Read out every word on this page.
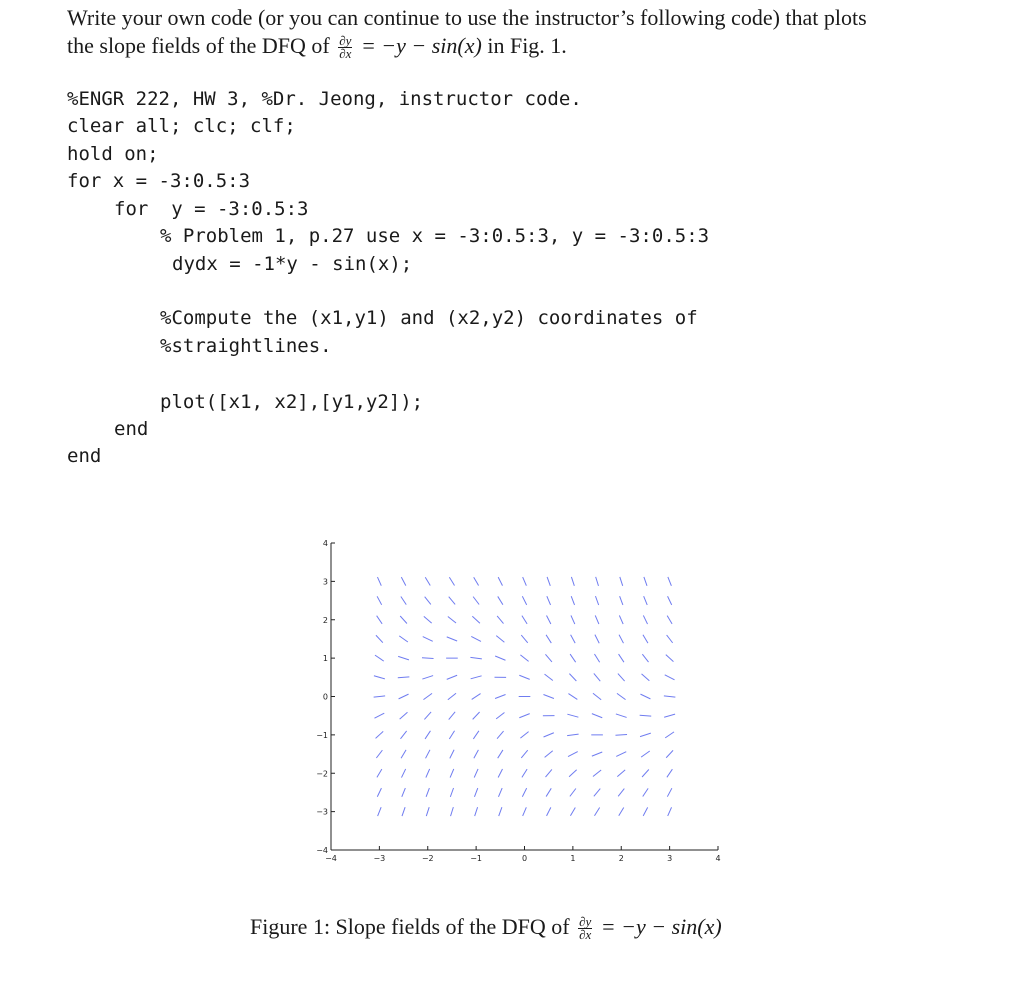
Write your own code (or you can continue to use the instructor’s following code) that plots
the slope fields of the DFQ of $\frac{\partial y}{\partial x} = -y - \sin(x)$ in Fig. 1.
%ENGR 222, HW 3, %Dr. Jeong, instructor code.
clear all; clc; clf;
hold on;
for x = -3:0.5:3
for  y = -3:0.5:3
% Problem 1, p.27 use x = -3:0.5:3, y = -3:0.5:3
dydx = -1*y - sin(x);
%Compute the (x1,y1) and (x2,y2) coordinates of
%straightlines.
plot([x1, x2],[y1,y2]);
end
end
−4	−3	−2	−1	0	1	2	3	4
−4
−3
−2
−1
0
1
2
3
4
Figure 1: Slope fields of the DFQ of $\frac{\partial y}{\partial x} = -y - \sin(x)$
